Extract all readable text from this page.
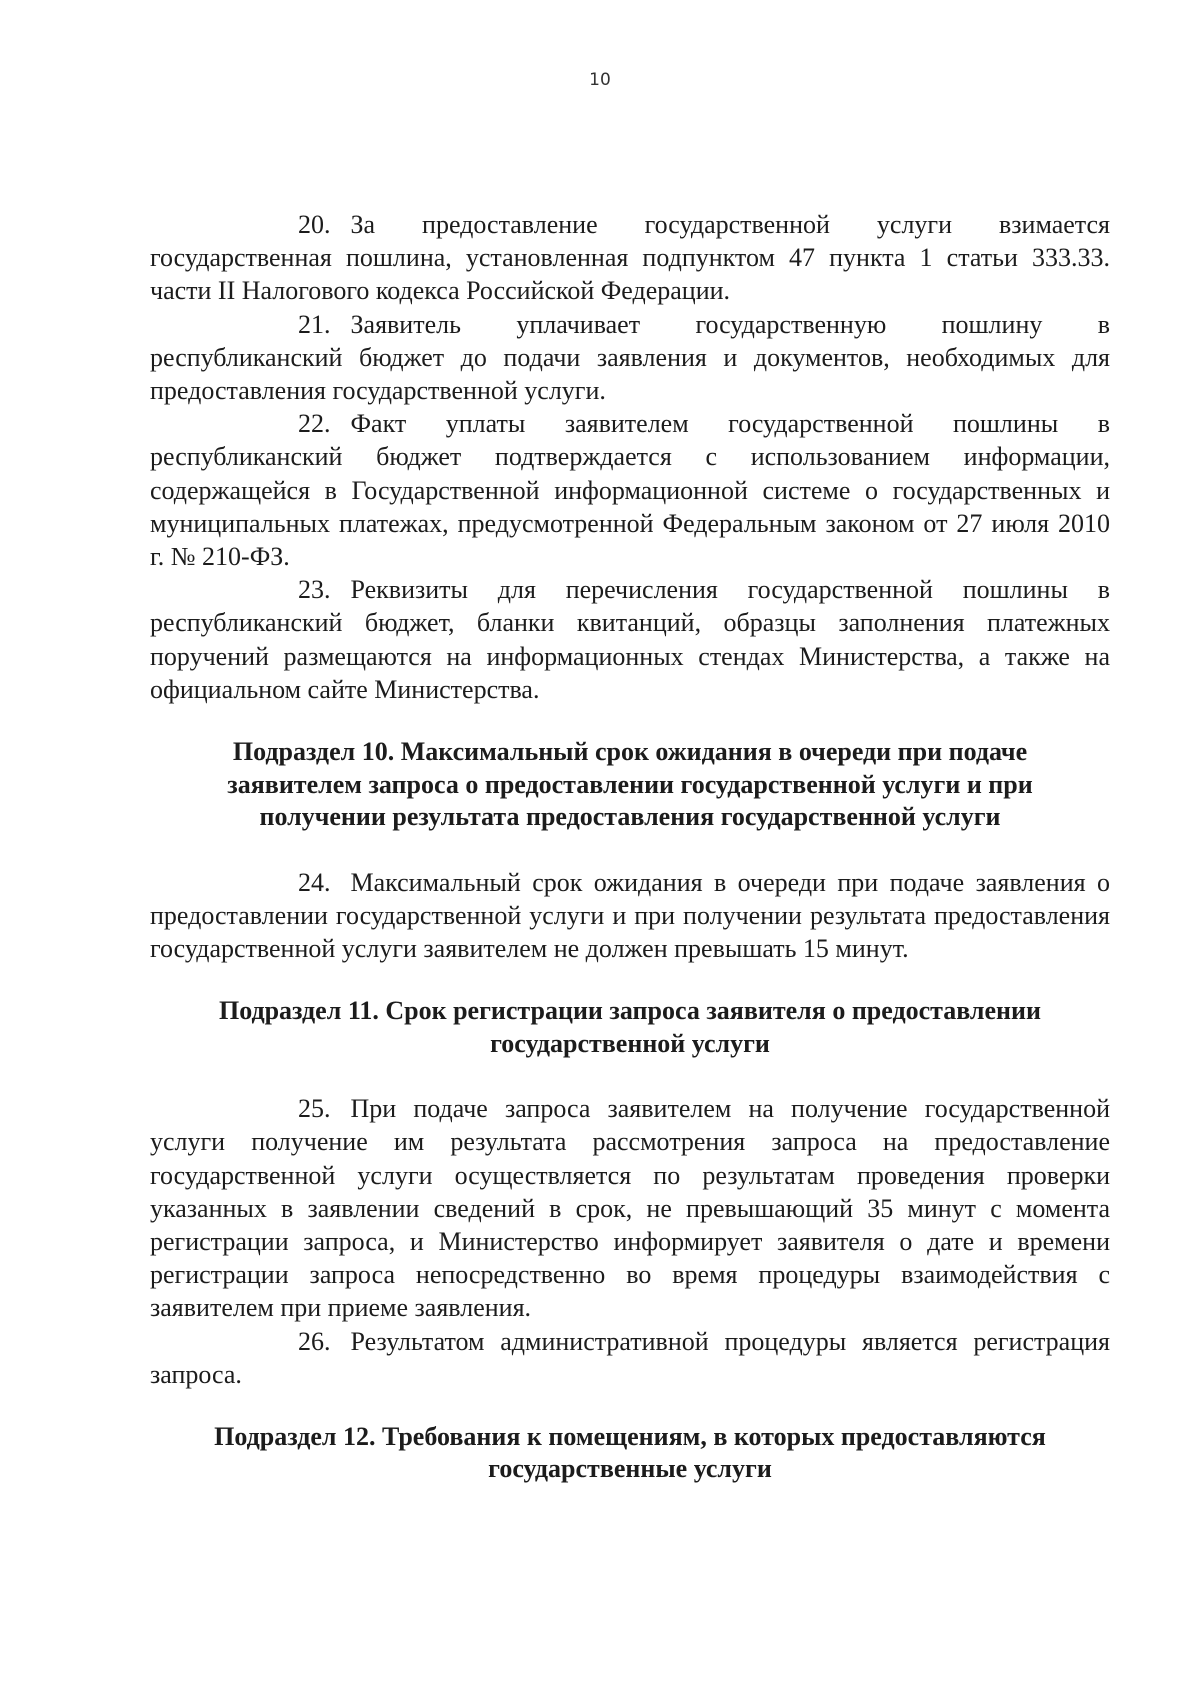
10

20. За предоставление государственной услуги взимается государственная пошлина, установленная подпунктом 47 пункта 1 статьи 333.33. части II Налогового кодекса Российской Федерации.

21. Заявитель уплачивает государственную пошлину в республиканский бюджет до подачи заявления и документов, необходимых для предоставления государственной услуги.

22. Факт уплаты заявителем государственной пошлины в республиканский бюджет подтверждается с использованием информации, содержащейся в Государственной информационной системе о государственных и муниципальных платежах, предусмотренной Федеральным законом от 27 июля 2010 г. № 210-ФЗ.

23. Реквизиты для перечисления государственной пошлины в республиканский бюджет, бланки квитанций, образцы заполнения платежных поручений размещаются на информационных стендах Министерства, а также на официальном сайте Министерства.

Подраздел 10. Максимальный срок ожидания в очереди при подаче
заявителем запроса о предоставлении государственной услуги и при
получении результата предоставления государственной услуги

24. Максимальный срок ожидания в очереди при подаче заявления о предоставлении государственной услуги и при получении результата предоставления государственной услуги заявителем не должен превышать 15 минут.

Подраздел 11. Срок регистрации запроса заявителя о предоставлении
государственной услуги

25. При подаче запроса заявителем на получение государственной услуги получение им результата рассмотрения запроса на предоставление государственной услуги осуществляется по результатам проведения проверки указанных в заявлении сведений в срок, не превышающий 35 минут с момента регистрации запроса, и Министерство информирует заявителя о дате и времени регистрации запроса непосредственно во время процедуры взаимодействия с заявителем при приеме заявления.

26. Результатом административной процедуры является регистрация запроса.

Подраздел 12. Требования к помещениям, в которых предоставляются
государственные услуги
